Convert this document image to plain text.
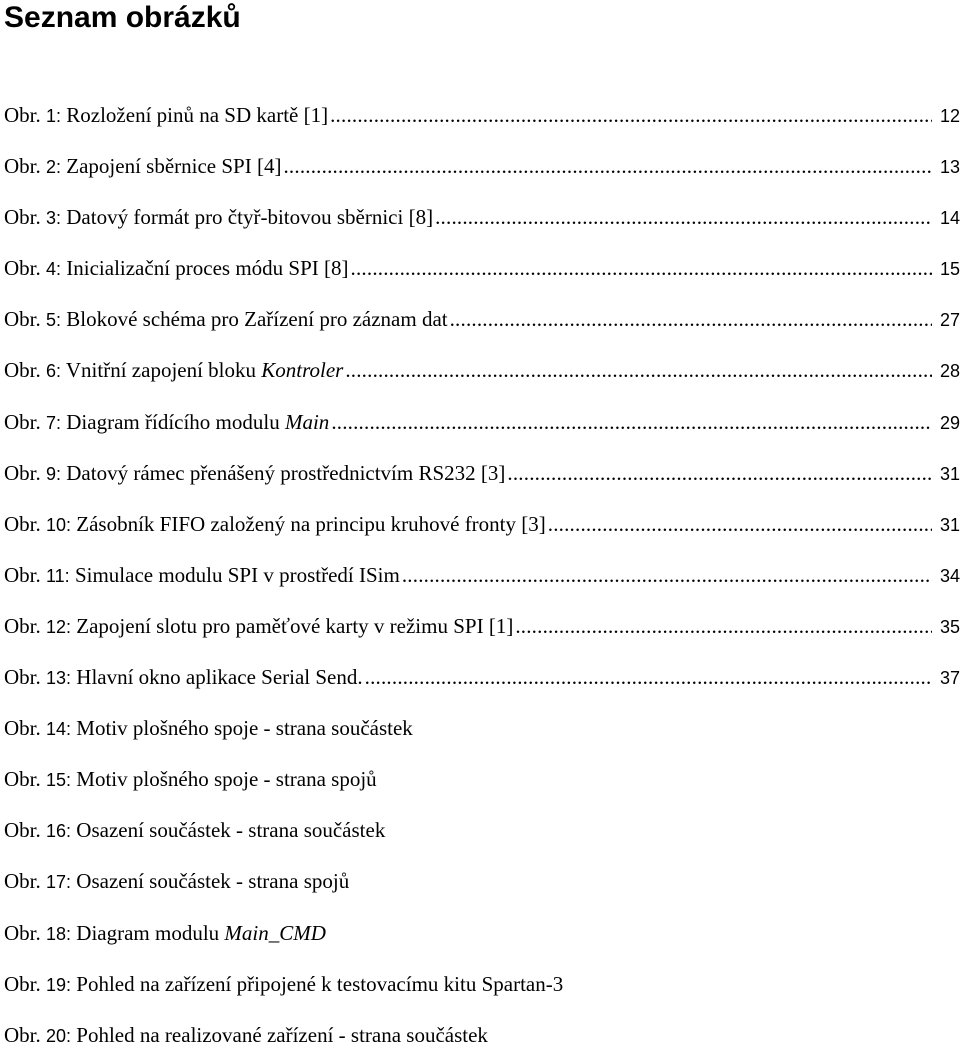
Seznam obrázků
Obr. 1: Rozložení pinů na SD kartě [1] .....	12
Obr. 2: Zapojení sběrnice SPI [4] .....	13
Obr. 3: Datový formát pro čtyř-bitovou sběrnici [8] .....	14
Obr. 4: Inicializační proces módu SPI [8] .....	15
Obr. 5: Blokové schéma pro Zařízení pro záznam dat .....	27
Obr. 6: Vnitřní zapojení bloku Kontroler .....	28
Obr. 7: Diagram řídícího modulu Main .....	29
Obr. 9: Datový rámec přenášený prostřednictvím RS232 [3] .....	31
Obr. 10: Zásobník FIFO založený na principu kruhové fronty [3] .....	31
Obr. 11: Simulace modulu SPI v prostředí ISim .....	34
Obr. 12: Zapojení slotu pro paměťové karty v režimu SPI [1] .....	35
Obr. 13: Hlavní okno aplikace Serial Send. .....	37
Obr. 14: Motiv plošného spoje - strana součástek
Obr. 15: Motiv plošného spoje - strana spojů
Obr. 16: Osazení součástek - strana součástek
Obr. 17: Osazení součástek - strana spojů
Obr. 18: Diagram modulu Main_CMD
Obr. 19: Pohled na zařízení připojené k testovacímu kitu Spartan-3
Obr. 20: Pohled na realizované zařízení - strana součástek
